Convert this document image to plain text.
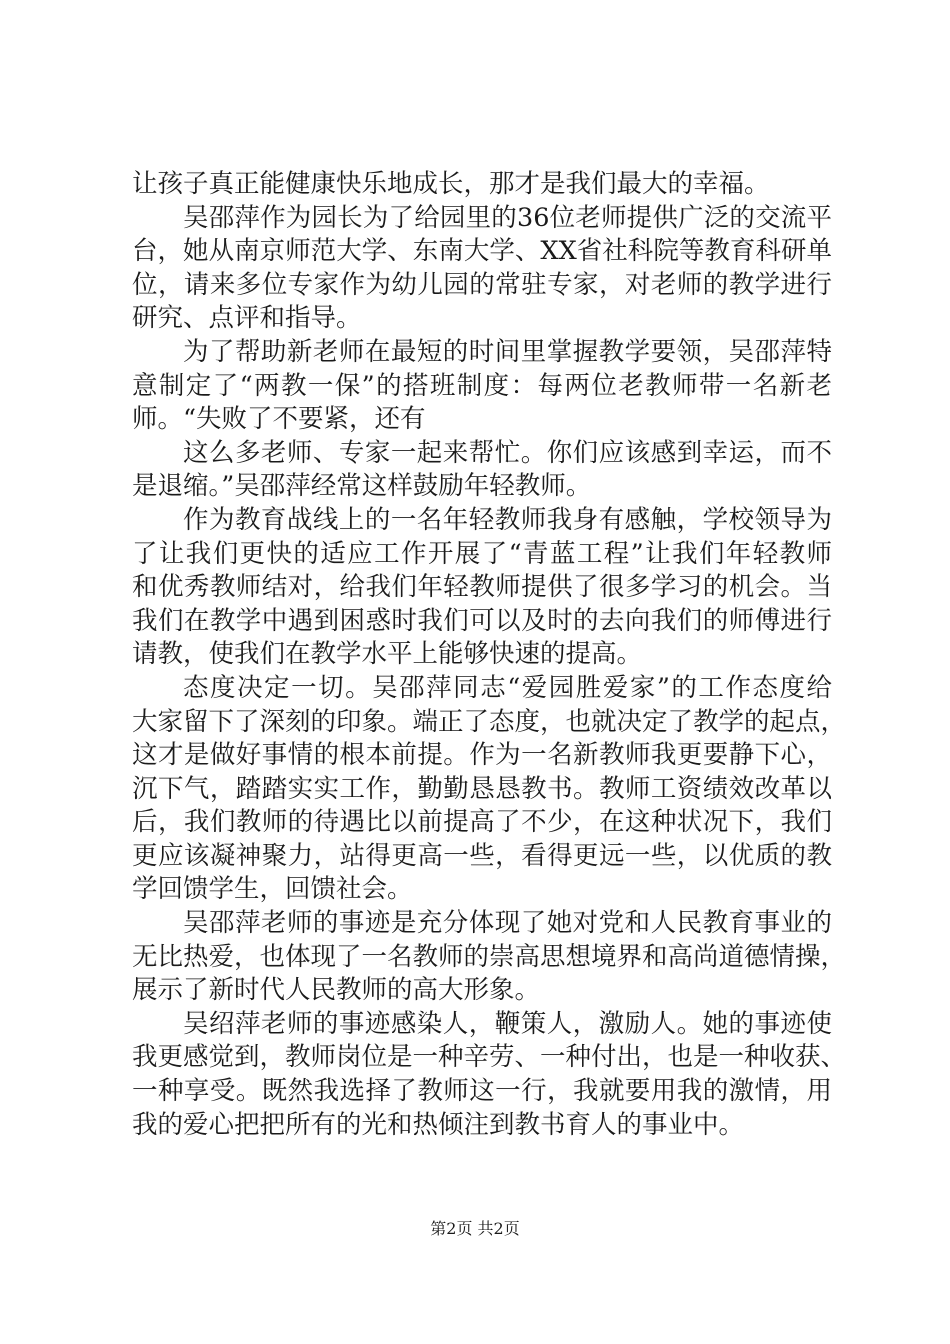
让孩子真正能健康快乐地成长，那才是我们最大的幸福。

吴邵萍作为园长为了给园里的36位老师提供广泛的交流平

台，她从南京师范大学、东南大学、XX省社科院等教育科研单

位，请来多位专家作为幼儿园的常驻专家，对老师的教学进行

研究、点评和指导。

为了帮助新老师在最短的时间里掌握教学要领，吴邵萍特

意制定了“两教一保”的搭班制度：每两位老教师带一名新老

师。“失败了不要紧，还有

这么多老师、专家一起来帮忙。你们应该感到幸运，而不

是退缩。”吴邵萍经常这样鼓励年轻教师。

作为教育战线上的一名年轻教师我身有感触，学校领导为

了让我们更快的适应工作开展了“青蓝工程”让我们年轻教师

和优秀教师结对，给我们年轻教师提供了很多学习的机会。当

我们在教学中遇到困惑时我们可以及时的去向我们的师傅进行

请教，使我们在教学水平上能够快速的提高。

态度决定一切。吴邵萍同志“爱园胜爱家”的工作态度给

大家留下了深刻的印象。端正了态度，也就决定了教学的起点，

这才是做好事情的根本前提。作为一名新教师我更要静下心，

沉下气，踏踏实实工作，勤勤恳恳教书。教师工资绩效改革以

后，我们教师的待遇比以前提高了不少，在这种状况下，我们

更应该凝神聚力，站得更高一些，看得更远一些，以优质的教

学回馈学生，回馈社会。

吴邵萍老师的事迹是充分体现了她对党和人民教育事业的

无比热爱，也体现了一名教师的崇高思想境界和高尚道德情操，

展示了新时代人民教师的高大形象。

吴绍萍老师的事迹感染人，鞭策人，激励人。她的事迹使

我更感觉到，教师岗位是一种辛劳、一种付出，也是一种收获、

一种享受。既然我选择了教师这一行，我就要用我的激情，用

我的爱心把把所有的光和热倾注到教书育人的事业中。

第2页 共2页
